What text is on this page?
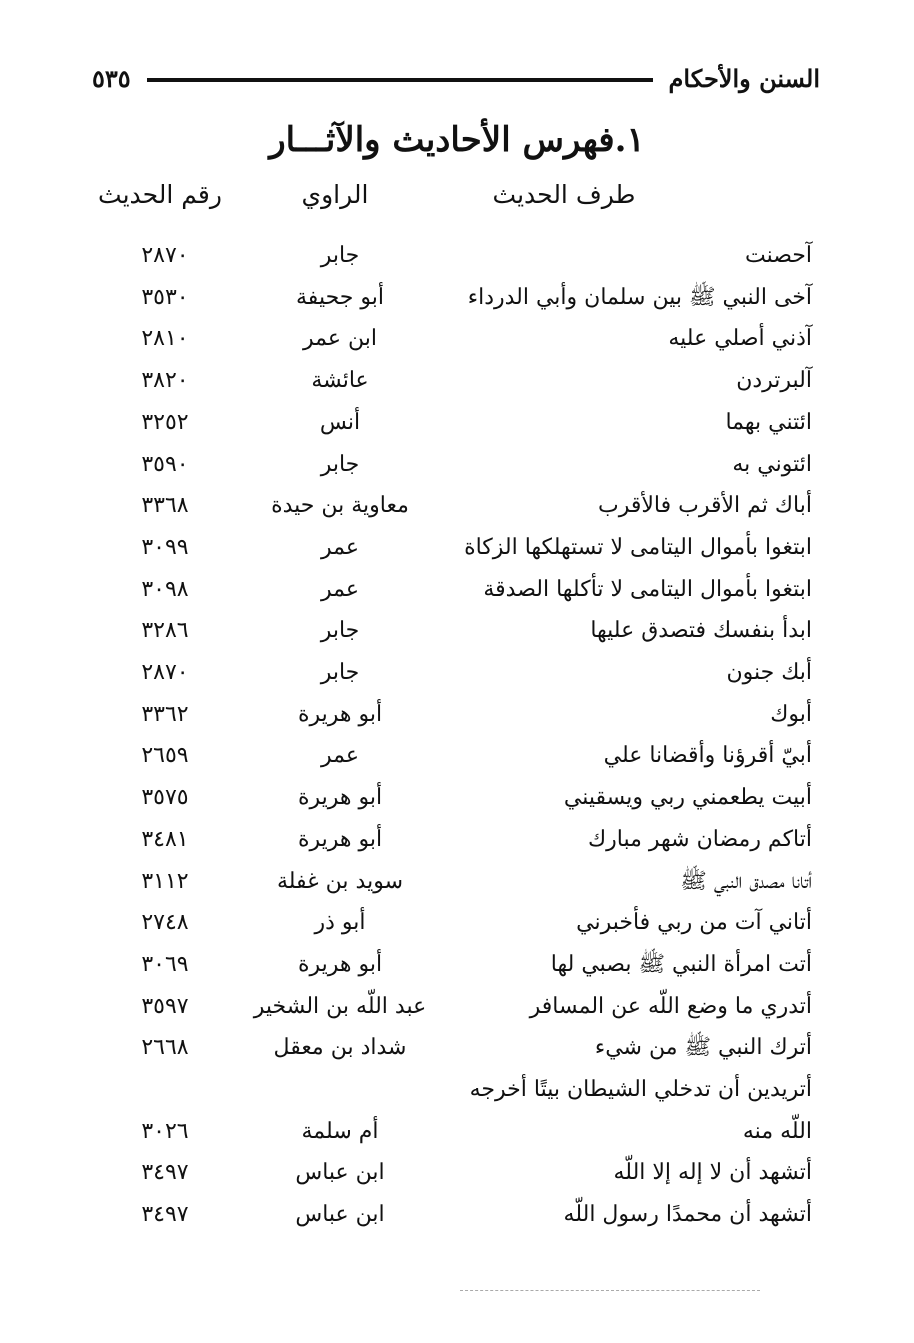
السنن والأحكام
٥٣٥
١.فهرس الأحاديث والآثـــار
طرف الحديث
الراوي
رقم الحديث
آحصنت
جابر
٢٨٧٠
آخى النبي ﷺ بين سلمان وأبي الدرداء
أبو جحيفة
٣٥٣٠
آذني أصلي عليه
ابن عمر
٢٨١٠
آلبرتردن
عائشة
٣٨٢٠
ائتني بهما
أنس
٣٢٥٢
ائتوني به
جابر
٣٥٩٠
أباك ثم الأقرب فالأقرب
معاوية بن حيدة
٣٣٦٨
ابتغوا بأموال اليتامى لا تستهلكها الزكاة
عمر
٣٠٩٩
ابتغوا بأموال اليتامى لا تأكلها الصدقة
عمر
٣٠٩٨
ابدأ بنفسك فتصدق عليها
جابر
٣٢٨٦
أبك جنون
جابر
٢٨٧٠
أبوك
أبو هريرة
٣٣٦٢
أبيّ أقرؤنا وأقضانا علي
عمر
٢٦٥٩
أبيت يطعمني ربي ويسقيني
أبو هريرة
٣٥٧٥
أتاكم رمضان شهر مبارك
أبو هريرة
٣٤٨١
أتانا مصدق النبي ﷺ
سويد بن غفلة
٣١١٢
أتاني آت من ربي فأخبرني
أبو ذر
٢٧٤٨
أتت امرأة النبي ﷺ بصبي لها
أبو هريرة
٣٠٦٩
أتدري ما وضع اللّه عن المسافر
عبد اللّه بن الشخير
٣٥٩٧
أترك النبي ﷺ من شيء
شداد بن معقل
٢٦٦٨
أتريدين أن تدخلي الشيطان بيتًا أخرجه
اللّه منه
أم سلمة
٣٠٢٦
أتشهد أن لا إله إلا اللّه
ابن عباس
٣٤٩٧
أتشهد أن محمدًا رسول اللّه
ابن عباس
٣٤٩٧
